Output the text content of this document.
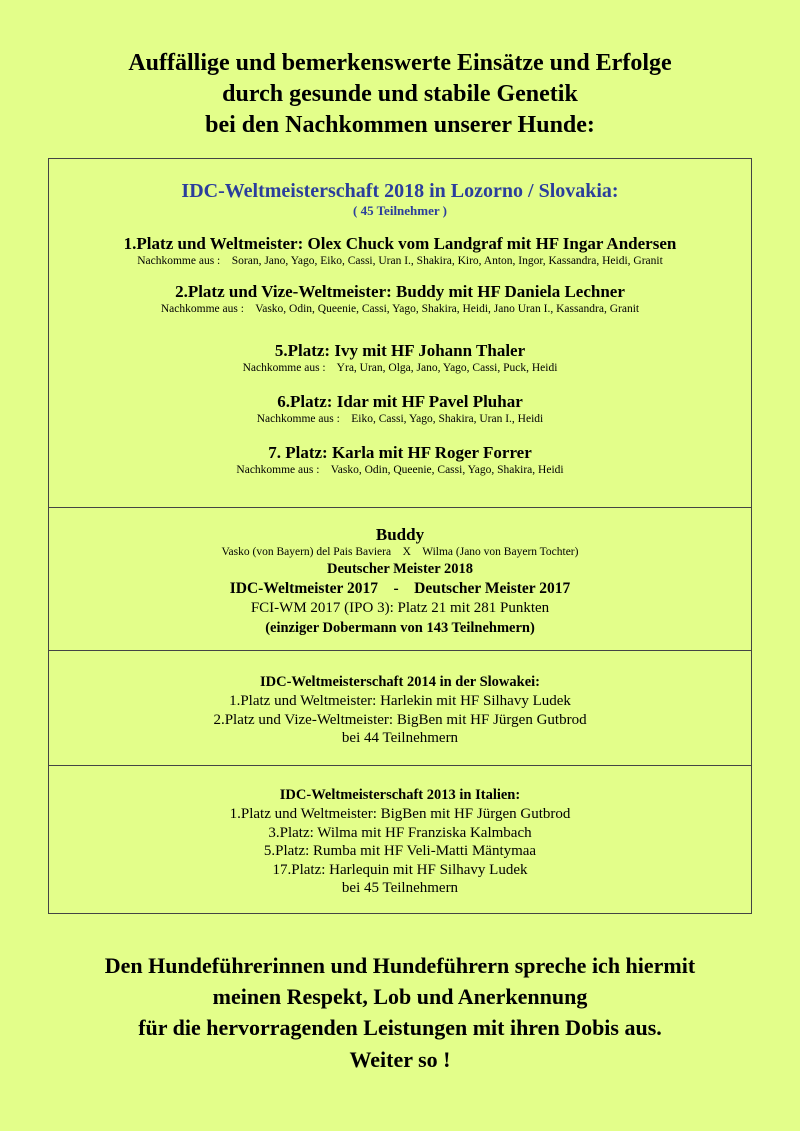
Auffällige und bemerkenswerte Einsätze und Erfolge
durch gesunde und stabile Genetik
bei den Nachkommen unserer Hunde:
IDC-Weltmeisterschaft 2018 in Lozorno / Slovakia:
( 45 Teilnehmer )
1.Platz und Weltmeister: Olex Chuck vom Landgraf mit HF Ingar Andersen
Nachkomme aus :    Soran, Jano, Yago, Eiko, Cassi, Uran I., Shakira, Kiro, Anton, Ingor, Kassandra, Heidi, Granit
2.Platz und Vize-Weltmeister: Buddy mit HF Daniela Lechner
Nachkomme aus :    Vasko, Odin, Queenie, Cassi, Yago, Shakira, Heidi, Jano Uran I., Kassandra, Granit
5.Platz: Ivy mit HF Johann Thaler
Nachkomme aus :    Yra, Uran, Olga, Jano, Yago, Cassi, Puck, Heidi
6.Platz: Idar mit HF Pavel Pluhar
Nachkomme aus :    Eiko, Cassi, Yago, Shakira, Uran I., Heidi
7. Platz: Karla mit HF Roger Forrer
Nachkomme aus :    Vasko, Odin, Queenie, Cassi, Yago, Shakira, Heidi
Buddy
Vasko (von Bayern) del Pais Baviera    X    Wilma (Jano von Bayern Tochter)
Deutscher Meister 2018
IDC-Weltmeister 2017    -    Deutscher Meister 2017
FCI-WM 2017 (IPO 3): Platz 21 mit 281 Punkten
(einziger Dobermann von 143 Teilnehmern)
IDC-Weltmeisterschaft 2014 in der Slowakei:
1.Platz und Weltmeister: Harlekin mit HF Silhavy Ludek
2.Platz und Vize-Weltmeister: BigBen mit HF Jürgen Gutbrod
bei 44 Teilnehmern
IDC-Weltmeisterschaft 2013 in Italien:
1.Platz und Weltmeister: BigBen mit HF Jürgen Gutbrod
3.Platz: Wilma mit HF Franziska Kalmbach
5.Platz: Rumba mit HF Veli-Matti Mäntymaa
17.Platz: Harlequin mit HF Silhavy Ludek
bei 45 Teilnehmern
Den Hundeführerinnen und Hundeführern spreche ich hiermit
meinen Respekt, Lob und Anerkennung
für die hervorragenden Leistungen mit ihren Dobis aus.
Weiter so !
